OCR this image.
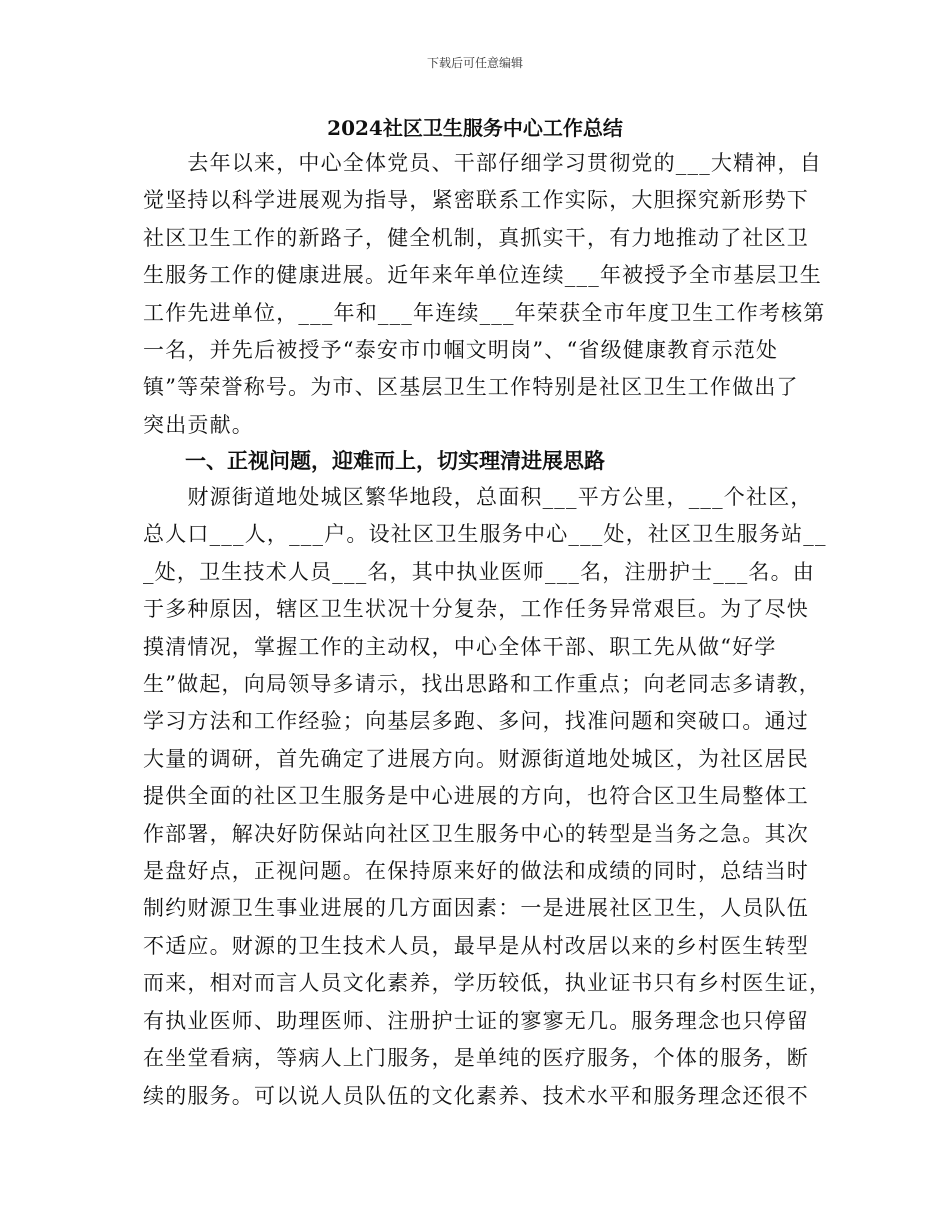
下载后可任意编辑
2024社区卫生服务中心工作总结
　　去年以来，中心全体党员、干部仔细学习贯彻党的___大精神，自
觉坚持以科学进展观为指导，紧密联系工作实际，大胆探究新形势下
社区卫生工作的新路子，健全机制，真抓实干，有力地推动了社区卫
生服务工作的健康进展。近年来年单位连续___年被授予全市基层卫生
工作先进单位，___年和___年连续___年荣获全市年度卫生工作考核第
一名，并先后被授予“泰安市巾帼文明岗”、“省级健康教育示范处
镇”等荣誉称号。为市、区基层卫生工作特别是社区卫生工作做出了
突出贡献。
一、正视问题，迎难而上，切实理清进展思路
　　财源街道地处城区繁华地段，总面积___平方公里，___个社区，
总人口___人，___户。设社区卫生服务中心___处，社区卫生服务站__
_处，卫生技术人员___名，其中执业医师___名，注册护士___名。由
于多种原因，辖区卫生状况十分复杂，工作任务异常艰巨。为了尽快
摸清情况，掌握工作的主动权，中心全体干部、职工先从做“好学
生”做起，向局领导多请示，找出思路和工作重点；向老同志多请教，
学习方法和工作经验；向基层多跑、多问，找准问题和突破口。通过
大量的调研，首先确定了进展方向。财源街道地处城区，为社区居民
提供全面的社区卫生服务是中心进展的方向，也符合区卫生局整体工
作部署，解决好防保站向社区卫生服务中心的转型是当务之急。其次
是盘好点，正视问题。在保持原来好的做法和成绩的同时，总结当时
制约财源卫生事业进展的几方面因素：一是进展社区卫生，人员队伍
不适应。财源的卫生技术人员，最早是从村改居以来的乡村医生转型
而来，相对而言人员文化素养，学历较低，执业证书只有乡村医生证，
有执业医师、助理医师、注册护士证的寥寥无几。服务理念也只停留
在坐堂看病，等病人上门服务，是单纯的医疗服务，个体的服务，断
续的服务。可以说人员队伍的文化素养、技术水平和服务理念还很不
